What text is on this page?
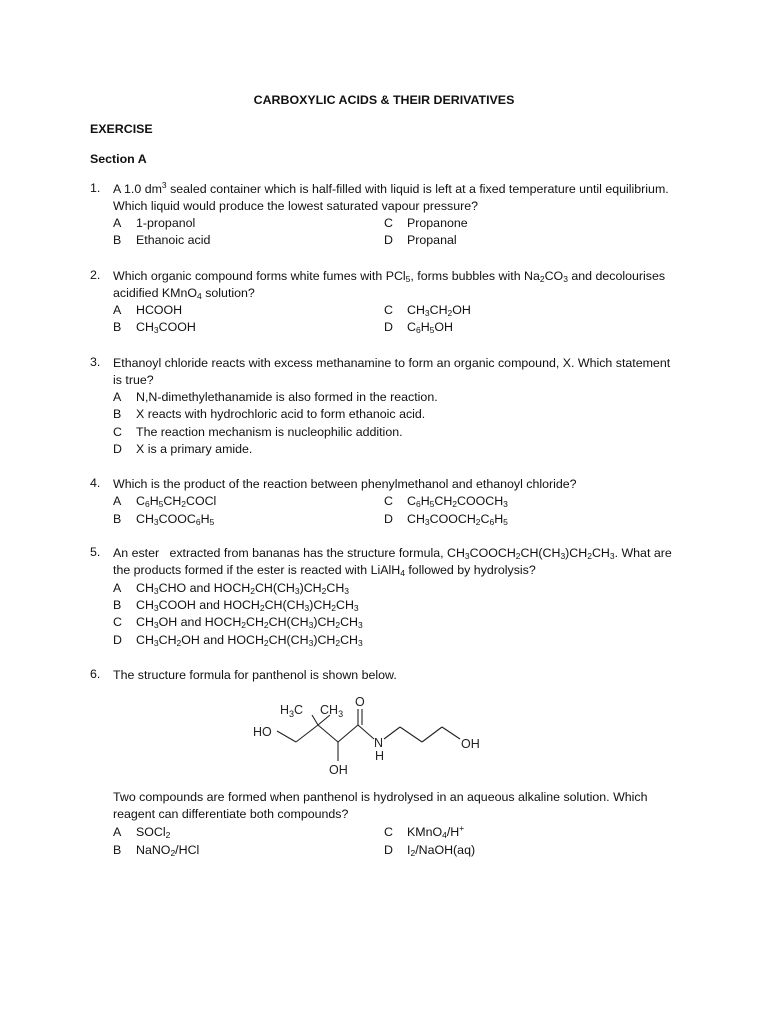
CARBOXYLIC ACIDS & THEIR DERIVATIVES
EXERCISE
Section A
1. A 1.0 $dm^3$ sealed container which is half-filled with liquid is left at a fixed temperature until equilibrium. Which liquid would produce the lowest saturated vapour pressure?
A 1-propanol
B Ethanoic acid
C Propanone
D Propanal
2. Which organic compound forms white fumes with PCl$_5$, forms bubbles with $Na_2CO_3$ and decolourises acidified KMnO$_4$ solution?
A HCOOH
B $CH_3COOH$
C $CH_3CH_2OH$
D $C_6H_5OH$
3. Ethanoyl chloride reacts with excess methanamine to form an organic compound, X. Which statement is true?
A N,N-dimethylethanamide is also formed in the reaction.
B X reacts with hydrochloric acid to form ethanoic acid.
C The reaction mechanism is nucleophilic addition.
D X is a primary amide.
4. Which is the product of the reaction between phenylmethanol and ethanoyl chloride?
A $C_6H_5CH_2COCl$
B $CH_3COOC_6H_5$
C $C_6H_5CH_2COOCH_3$
D $CH_3COOCH_2C_6H_5$
5. An ester   extracted from bananas has the structure formula, $CH_3COOCH_2CH(CH_3)CH_2CH_3$. What are the products formed if the ester is reacted with LiAlH$_4$ followed by hydrolysis?
A $CH_3CHO$ and $HOCH_2CH(CH_3)CH_2CH_3$
B $CH_3COOH$ and $HOCH_2CH(CH_3)CH_2CH_3$
C $CH_3OH$ and $HOCH_2CH_2CH(CH_3)CH_2CH_3$
D $CH_3CH_2OH$ and $HOCH_2CH(CH_3)CH_2CH_3$
6. The structure formula for panthenol is shown below.
HO
$H_3C$ $CH_3$
O
N
H
OH
OH
Two compounds are formed when panthenol is hydrolysed in an aqueous alkaline solution. Which reagent can differentiate both compounds?
A SOCl$_2$
B NaNO$_2$/HCl
C KMnO$_4$/H+
D $I_2/NaOH(aq)$
